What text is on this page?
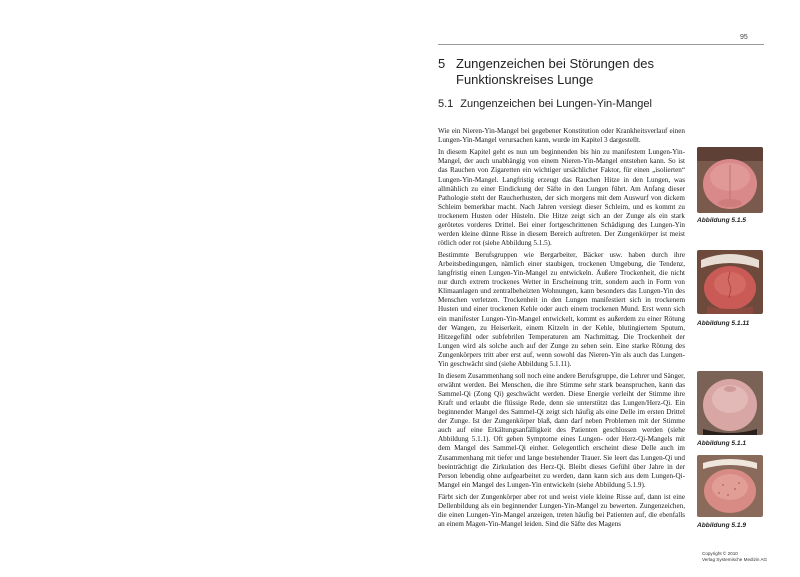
95
5 Zungenzeichen bei Störungen des Funktionskreises Lunge
5.1 Zungenzeichen bei Lungen-Yin-Mangel

Wie ein Nieren-Yin-Mangel bei gegebener Konstitution oder Krankheitsverlauf einen Lungen-Yin-Mangel verursachen kann, wurde im Kapitel 3 dargestellt.

In diesem Kapitel geht es nun um beginnenden bis hin zu manifestem Lungen-Yin-Mangel, der auch unabhängig von einem Nieren-Yin-Mangel entstehen kann. So ist das Rauchen von Zigaretten ein wichtiger ursächlicher Faktor, für einen „isolierten“ Lungen-Yin-Mangel. Langfristig erzeugt das Rauchen Hitze in den Lungen, was allmählich zu einer Eindickung der Säfte in den Lungen führt. Am Anfang dieser Pathologie steht der Raucherhusten, der sich morgens mit dem Auswurf von dickem Schleim bemerkbar macht. Nach Jahren versiegt dieser Schleim, und es kommt zu trockenem Husten oder Hüsteln. Die Hitze zeigt sich an der Zunge als ein stark gerötetes vorderes Drittel. Bei einer fortgeschrittenen Schädigung des Lungen-Yin werden kleine dünne Risse in diesem Bereich auftreten. Der Zungenkörper ist meist rötlich oder rot (siehe Abbildung 5.1.5).

Bestimmte Berufsgruppen wie Bergarbeiter, Bäcker usw. haben durch ihre Arbeitsbedingungen, nämlich einer staubigen, trockenen Umgebung, die Tendenz, langfristig einen Lungen-Yin-Mangel zu entwickeln. Äußere Trockenheit, die nicht nur durch extrem trockenes Wetter in Erscheinung tritt, sondern auch in Form von Klimaanlagen und zentralbeheizten Wohnungen, kann besonders das Lungen-Yin des Menschen verletzen. Trockenheit in den Lungen manifestiert sich in trockenem Husten und einer trockenen Kehle oder auch einem trockenen Mund. Erst wenn sich ein manifester Lungen-Yin-Mangel entwickelt, kommt es außerdem zu einer Rötung der Wangen, zu Heiserkeit, einem Kitzeln in der Kehle, blutingiertem Sputum, Hitzegefühl oder subfebrilen Temperaturen am Nachmittag. Die Trockenheit der Lungen wird als solche auch auf der Zunge zu sehen sein. Eine starke Rötung des Zungenkörpers tritt aber erst auf, wenn sowohl das Nieren-Yin als auch das Lungen-Yin geschwächt sind (siehe Abbildung 5.1.11).

In diesem Zusammenhang soll noch eine andere Berufsgruppe, die Lehrer und Sänger, erwähnt werden. Bei Menschen, die ihre Stimme sehr stark beanspruchen, kann das Sammel-Qi (Zong Qi) geschwächt werden. Diese Energie verleiht der Stimme ihre Kraft und erlaubt die flüssige Rede, denn sie unterstützt das Lungen/Herz-Qi. Ein beginnender Mangel des Sammel-Qi zeigt sich häufig als eine Delle im ersten Drittel der Zunge. Ist der Zungenkörper blaß, dann darf neben Problemen mit der Stimme auch auf eine Erkältungsanfälligkeit des Patienten geschlossen werden (siehe Abbildung 5.1.1). Oft gehen Symptome eines Lungen- oder Herz-Qi-Mangels mit dem Mangel des Sammel-Qi einher. Gelegentlich erscheint diese Delle auch im Zusammenhang mit tiefer und lange bestehender Trauer. Sie leert das Lungen-Qi und beeinträchtigt die Zirkulation des Herz-Qi. Bleibt dieses Gefühl über Jahre in der Person lebendig ohne aufgearbeitet zu werden, dann kann sich aus dem Lungen-Qi-Mangel ein Mangel des Lungen-Yin entwickeln (siehe Abbildung 5.1.9).

Färbt sich der Zungenkörper aber rot und weist viele kleine Risse auf, dann ist eine Dellenbildung als ein beginnender Lungen-Yin-Mangel zu bewerten. Zungenzeichen, die einen Lungen-Yin-Mangel anzeigen, treten häufig bei Patienten auf, die ebenfalls an einem Magen-Yin-Mangel leiden. Sind die Säfte des Magens

Abbildung 5.1.5
Abbildung 5.1.11
Abbildung 5.1.1
Abbildung 5.1.9
Copyright © 2010
Verlag Systemische Medizin AG
